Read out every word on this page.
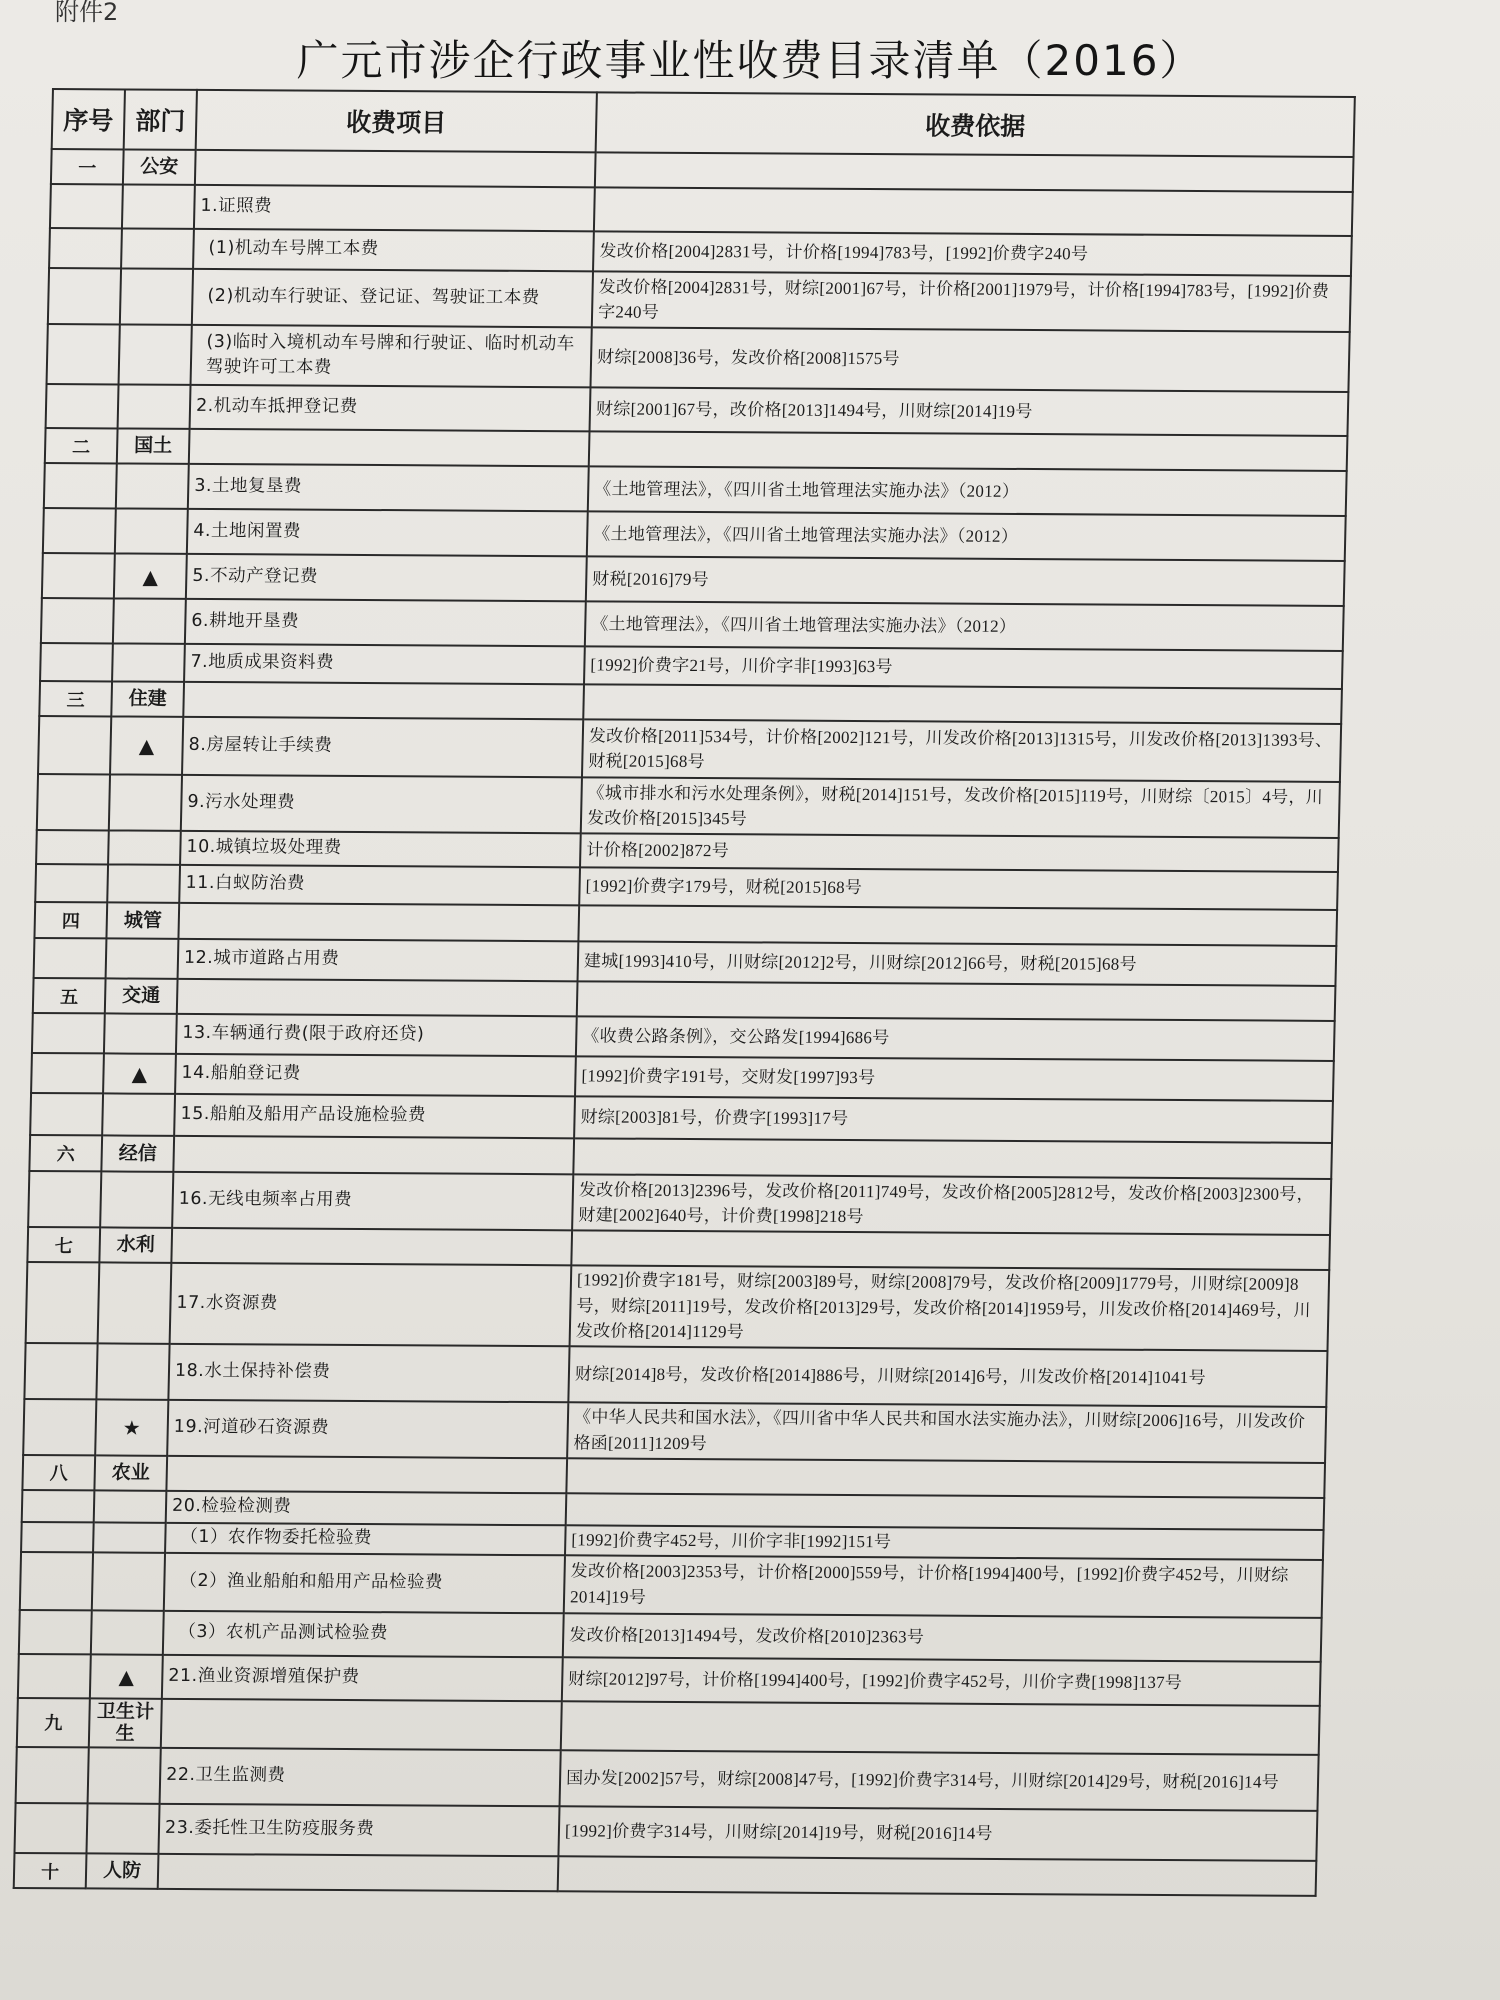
附件2
广元市涉企行政事业性收费目录清单（2016）
序号	部门	收费项目	收费依据
一	公安		
		1.证照费	
		(1)机动车号牌工本费	发改价格[2004]2831号，计价格[1994]783号，[1992]价费字240号
		(2)机动车行驶证、登记证、驾驶证工本费	发改价格[2004]2831号，财综[2001]67号，计价格[2001]1979号，计价格[1994]783号，[1992]价费字240号
		(3)临时入境机动车号牌和行驶证、临时机动车驾驶许可工本费	财综[2008]36号，发改价格[2008]1575号
		2.机动车抵押登记费	财综[2001]67号，改价格[2013]1494号，川财综[2014]19号
二	国土		
		3.土地复垦费	《土地管理法》，《四川省土地管理法实施办法》（2012）
		4.土地闲置费	《土地管理法》，《四川省土地管理法实施办法》（2012）
	▲	5.不动产登记费	财税[2016]79号
		6.耕地开垦费	《土地管理法》，《四川省土地管理法实施办法》（2012）
		7.地质成果资料费	[1992]价费字21号，川价字非[1993]63号
三	住建		
	▲	8.房屋转让手续费	发改价格[2011]534号，计价格[2002]121号，川发改价格[2013]1315号，川发改价格[2013]1393号、财税[2015]68号
		9.污水处理费	《城市排水和污水处理条例》，财税[2014]151号，发改价格[2015]119号，川财综〔2015〕4号，川发改价格[2015]345号
		10.城镇垃圾处理费	计价格[2002]872号
		11.白蚁防治费	[1992]价费字179号，财税[2015]68号
四	城管		
		12.城市道路占用费	建城[1993]410号，川财综[2012]2号，川财综[2012]66号，财税[2015]68号
五	交通		
		13.车辆通行费(限于政府还贷)	《收费公路条例》，交公路发[1994]686号
	▲	14.船舶登记费	[1992]价费字191号，交财发[1997]93号
		15.船舶及船用产品设施检验费	财综[2003]81号，价费字[1993]17号
六	经信		
		16.无线电频率占用费	发改价格[2013]2396号，发改价格[2011]749号，发改价格[2005]2812号，发改价格[2003]2300号，财建[2002]640号，计价费[1998]218号
七	水利		
		17.水资源费	[1992]价费字181号，财综[2003]89号，财综[2008]79号，发改价格[2009]1779号，川财综[2009]8号，财综[2011]19号，发改价格[2013]29号，发改价格[2014]1959号，川发改价格[2014]469号，川发改价格[2014]1129号
		18.水土保持补偿费	财综[2014]8号，发改价格[2014]886号，川财综[2014]6号，川发改价格[2014]1041号
	★	19.河道砂石资源费	《中华人民共和国水法》，《四川省中华人民共和国水法实施办法》，川财综[2006]16号，川发改价格函[2011]1209号
八	农业		
		20.检验检测费	
		（1）农作物委托检验费	[1992]价费字452号，川价字非[1992]151号
		（2）渔业船舶和船用产品检验费	发改价格[2003]2353号，计价格[2000]559号，计价格[1994]400号，[1992]价费字452号，川财综2014]19号
		（3）农机产品测试检验费	发改价格[2013]1494号，发改价格[2010]2363号
	▲	21.渔业资源增殖保护费	财综[2012]97号，计价格[1994]400号，[1992]价费字452号，川价字费[1998]137号
九	卫生计生		
		22.卫生监测费	国办发[2002]57号，财综[2008]47号，[1992]价费字314号，川财综[2014]29号，财税[2016]14号
		23.委托性卫生防疫服务费	[1992]价费字314号，川财综[2014]19号，财税[2016]14号
十	人防		
